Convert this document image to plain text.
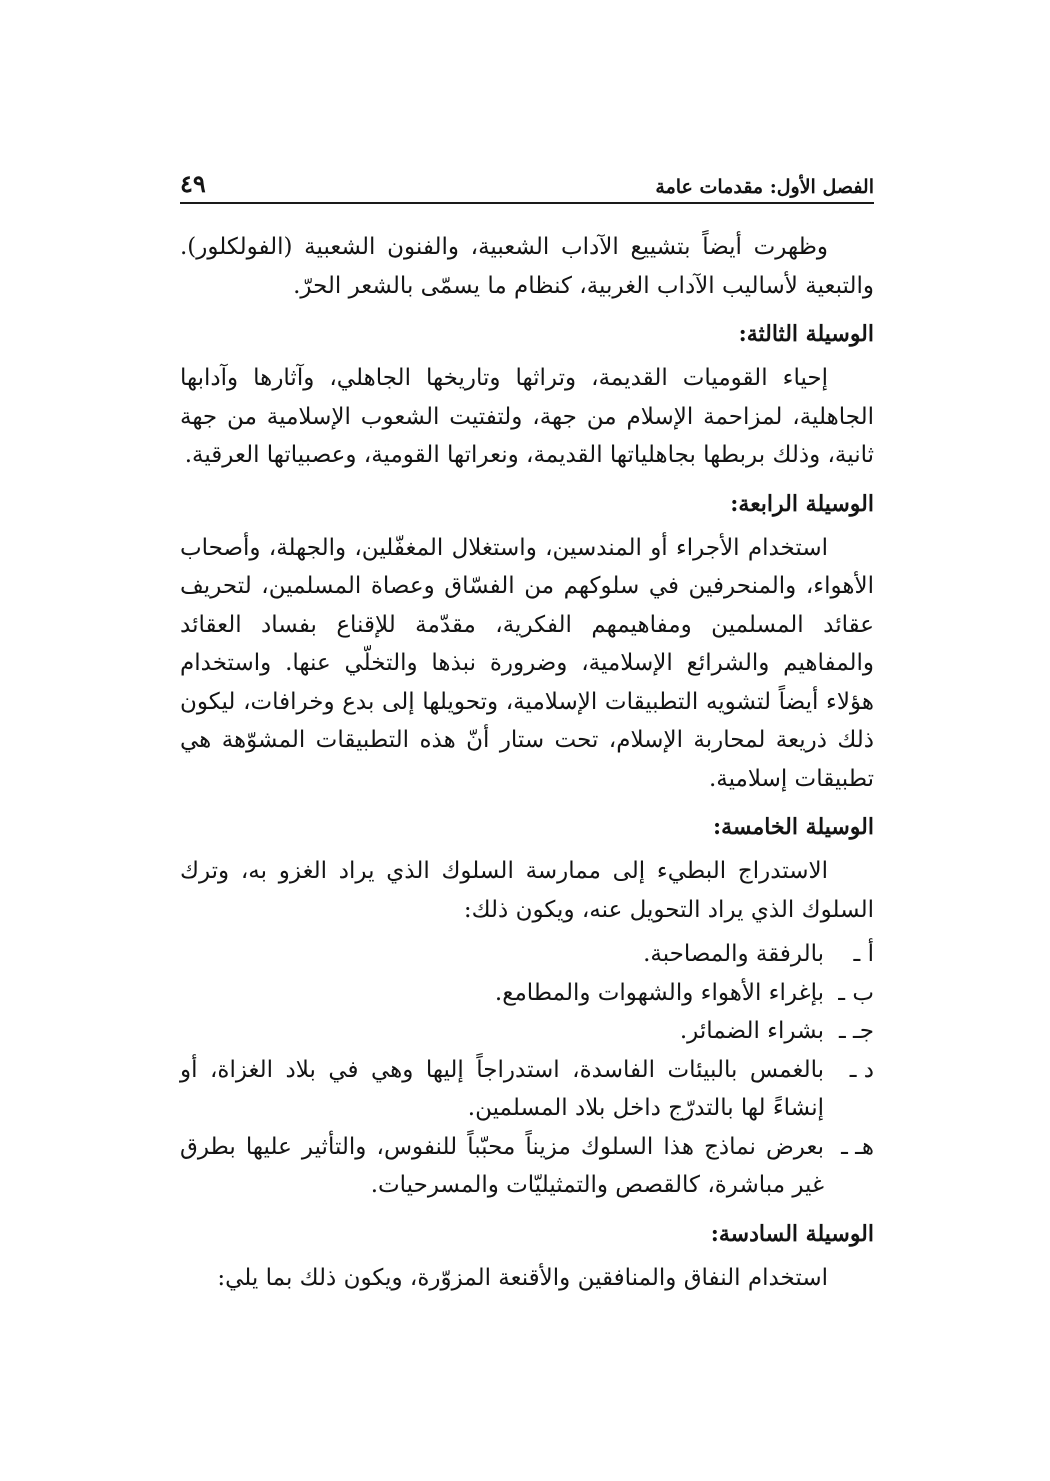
الفصل الأول: مقدمات عامة
٤٩

وظهرت أيضاً بتشييع الآداب الشعبية، والفنون الشعبية (الفولكلور). والتبعية لأساليب الآداب الغربية، كنظام ما يسمّى بالشعر الحرّ.

الوسيلة الثالثة:

إحياء القوميات القديمة، وتراثها وتاريخها الجاهلي، وآثارها وآدابها الجاهلية، لمزاحمة الإسلام من جهة، ولتفتيت الشعوب الإسلامية من جهة ثانية، وذلك بربطها بجاهلياتها القديمة، ونعراتها القومية، وعصبياتها العرقية.

الوسيلة الرابعة:

استخدام الأجراء أو المندسين، واستغلال المغفّلين، والجهلة، وأصحاب الأهواء، والمنحرفين في سلوكهم من الفسّاق وعصاة المسلمين، لتحريف عقائد المسلمين ومفاهيمهم الفكرية، مقدّمة للإقناع بفساد العقائد والمفاهيم والشرائع الإسلامية، وضرورة نبذها والتخلّي عنها. واستخدام هؤلاء أيضاً لتشويه التطبيقات الإسلامية، وتحويلها إلى بدع وخرافات، ليكون ذلك ذريعة لمحاربة الإسلام، تحت ستار أنّ هذه التطبيقات المشوّهة هي تطبيقات إسلامية.

الوسيلة الخامسة:

الاستدراج البطيء إلى ممارسة السلوك الذي يراد الغزو به، وترك السلوك الذي يراد التحويل عنه، ويكون ذلك:

أ ـ
بالرفقة والمصاحبة.
ب ـ
بإغراء الأهواء والشهوات والمطامع.
جـ ـ
بشراء الضمائر.
د ـ
بالغمس بالبيئات الفاسدة، استدراجاً إليها وهي في بلاد الغزاة، أو إنشاءً لها بالتدرّج داخل بلاد المسلمين.
هـ ـ
بعرض نماذج هذا السلوك مزيناً محبّباً للنفوس، والتأثير عليها بطرق غير مباشرة، كالقصص والتمثيليّات والمسرحيات.
الوسيلة السادسة:

استخدام النفاق والمنافقين والأقنعة المزوّرة، ويكون ذلك بما يلي:
